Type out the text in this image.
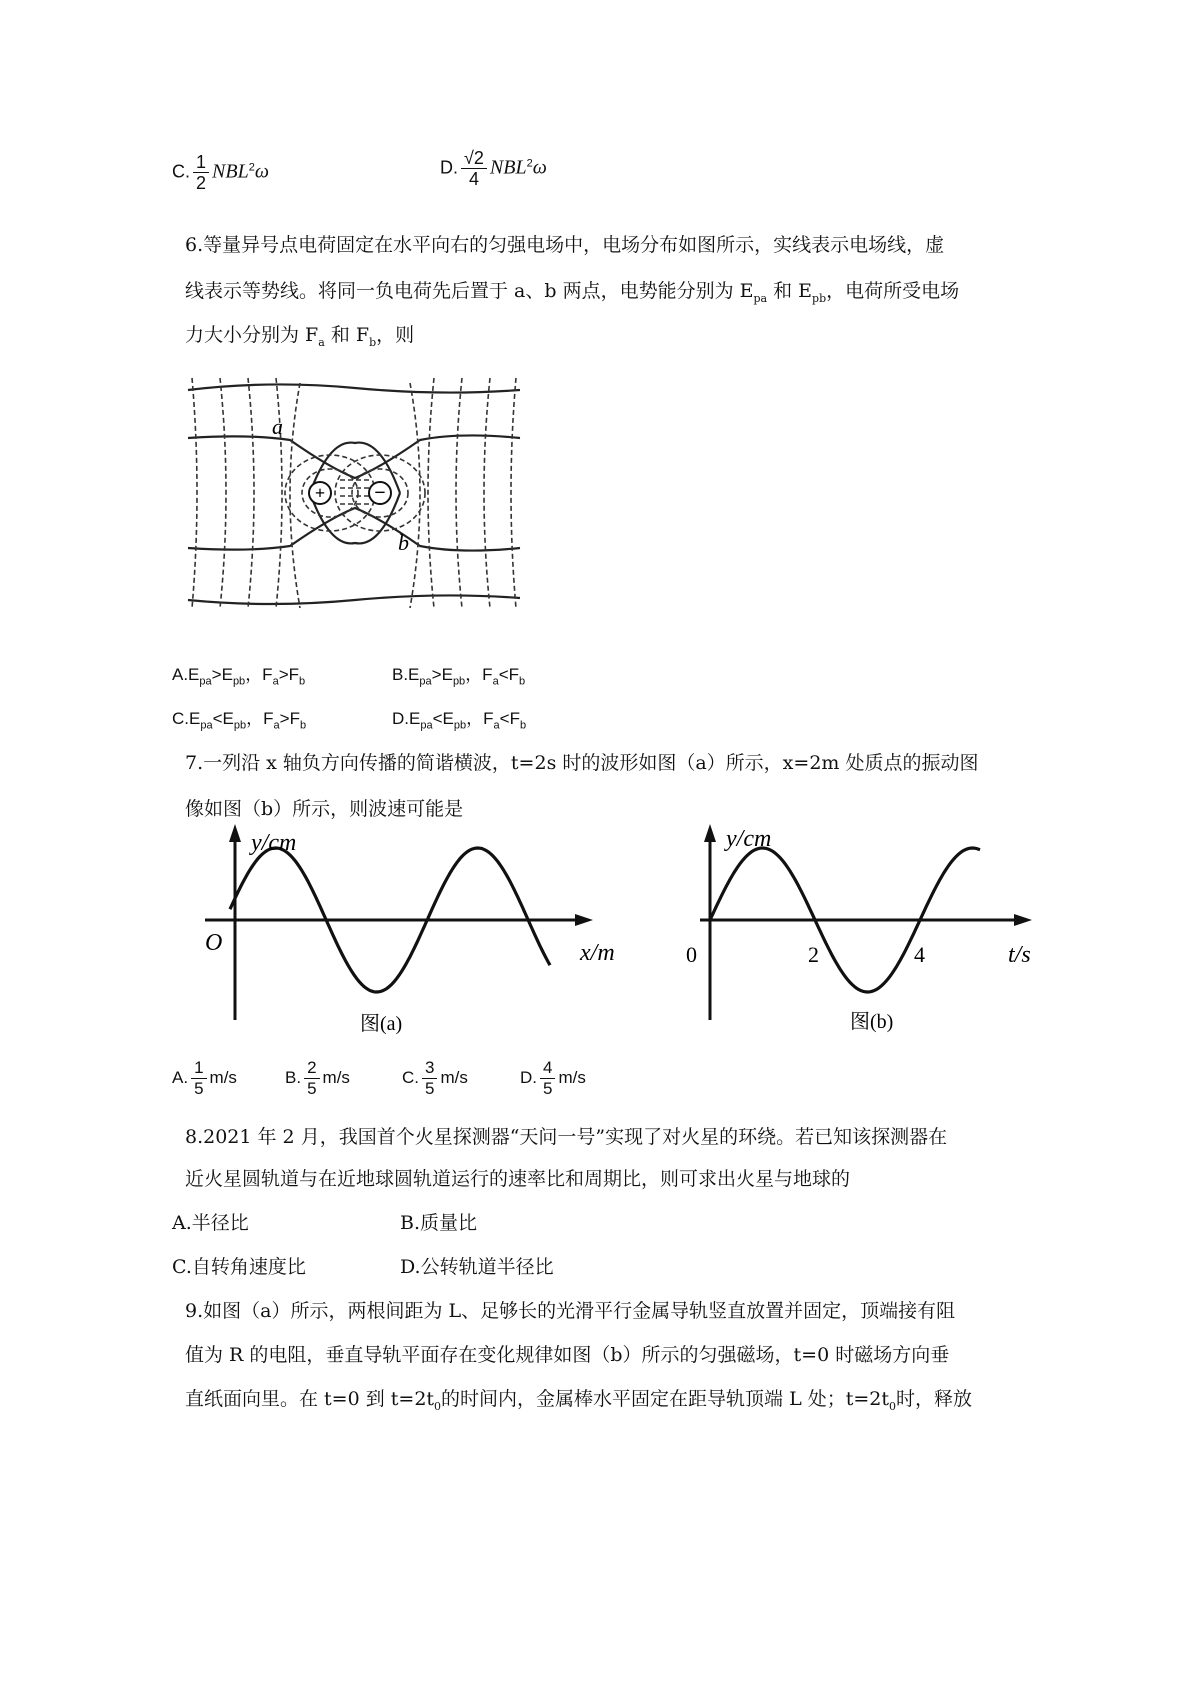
C. $\frac{1}{2} NBL^2\omega$	D. $\frac{√2}{4} NBL^2\omega$
6.等量异号点电荷固定在水平向右的匀强电场中，电场分布如图所示，实线表示电场线，虚
线表示等势线。将同一负电荷先后置于 a、b 两点，电势能分别为 $E_{pa}$ 和 $E_{pb}$，电荷所受电场
力大小分别为 $F_a$ 和 $F_b$，则
+ −
a
b
$A.E_{pa}>E_{pb}$，$F_a>F_b$	$B.E_{pa}>E_{pb}$，$F_a<F_b$
$C.E_{pa}<E_{pb}$，$F_a>F_b$	$D.E_{pa}<E_{pb}$，$F_a<F_b$
7.一列沿 x 轴负方向传播的简谐横波，t=2s 时的波形如图（a）所示，x=2m 处质点的振动图
像如图（b）所示，则波速可能是
y/cm
x/m
O
图(a)
y/cm
t/s
0	2	4
图(b)
A. $\frac{1}{5} m/s$	B. $\frac{2}{5} m/s$	C. $\frac{3}{5} m/s$	D. $\frac{4}{5} m/s$
8.2021 年 2 月，我国首个火星探测器“天问一号”实现了对火星的环绕。若已知该探测器在
近火星圆轨道与在近地球圆轨道运行的速率比和周期比，则可求出火星与地球的
A.半径比	B.质量比
C.自转角速度比	D.公转轨道半径比
9.如图（a）所示，两根间距为 L、足够长的光滑平行金属导轨竖直放置并固定，顶端接有阻
值为 R 的电阻，垂直导轨平面存在变化规律如图（b）所示的匀强磁场，t=0 时磁场方向垂
直纸面向里。在 t=0 到 $t=2t_0$的时间内，金属棒水平固定在距导轨顶端 L 处；$t=2t_0$时，释放
